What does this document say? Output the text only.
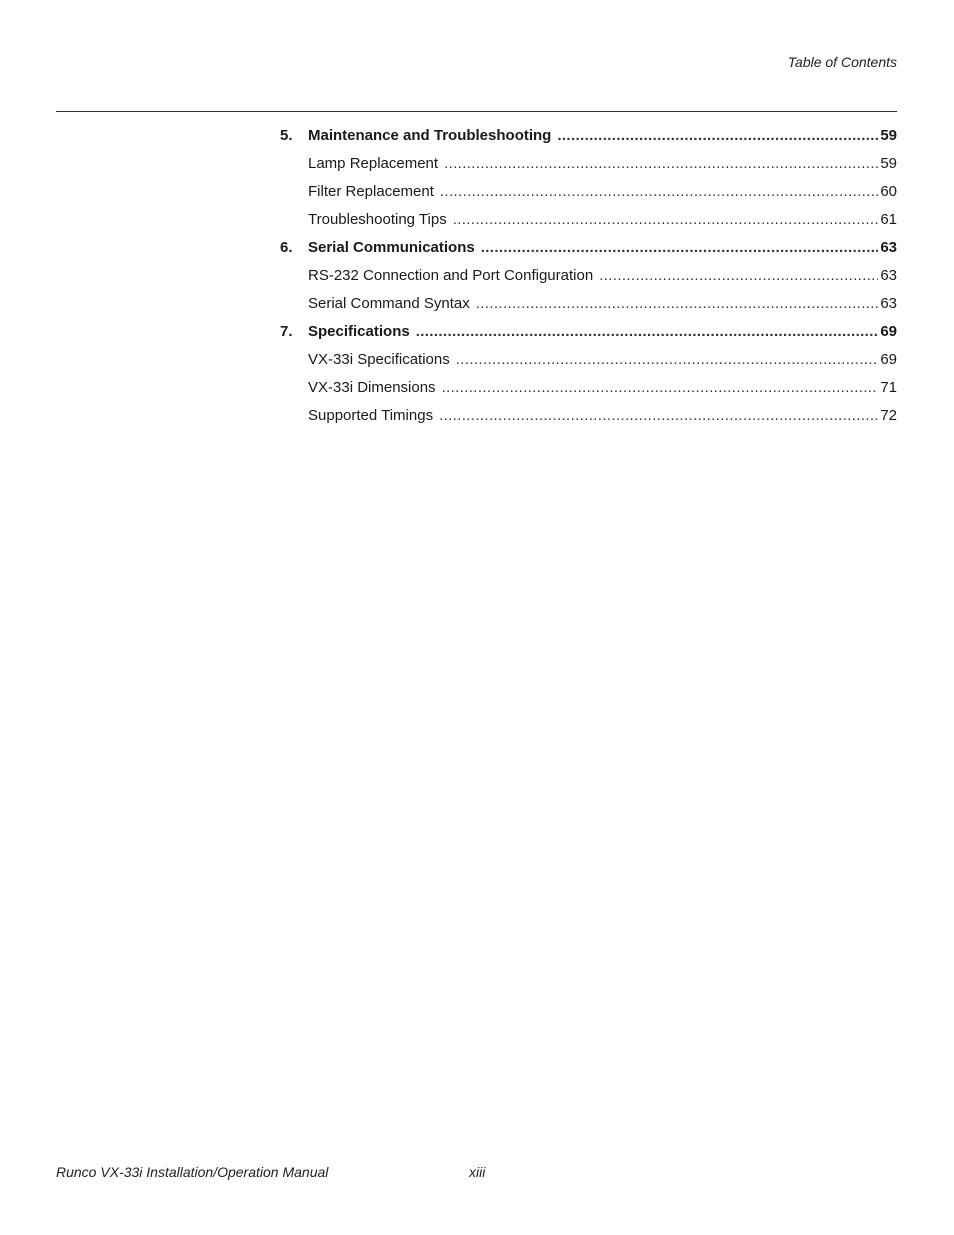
Table of Contents
5.	Maintenance and Troubleshooting . . .	59
Lamp Replacement . . .	59
Filter Replacement . . .	60
Troubleshooting Tips . . .	61
6.	Serial Communications . . .	63
RS-232 Connection and Port Configuration . . .	63
Serial Command Syntax . . .	63
7.	Specifications . . .	69
VX-33i Specifications . . .	69
VX-33i Dimensions . . .	71
Supported Timings . . .	72
Runco VX-33i Installation/Operation Manual	xiii
